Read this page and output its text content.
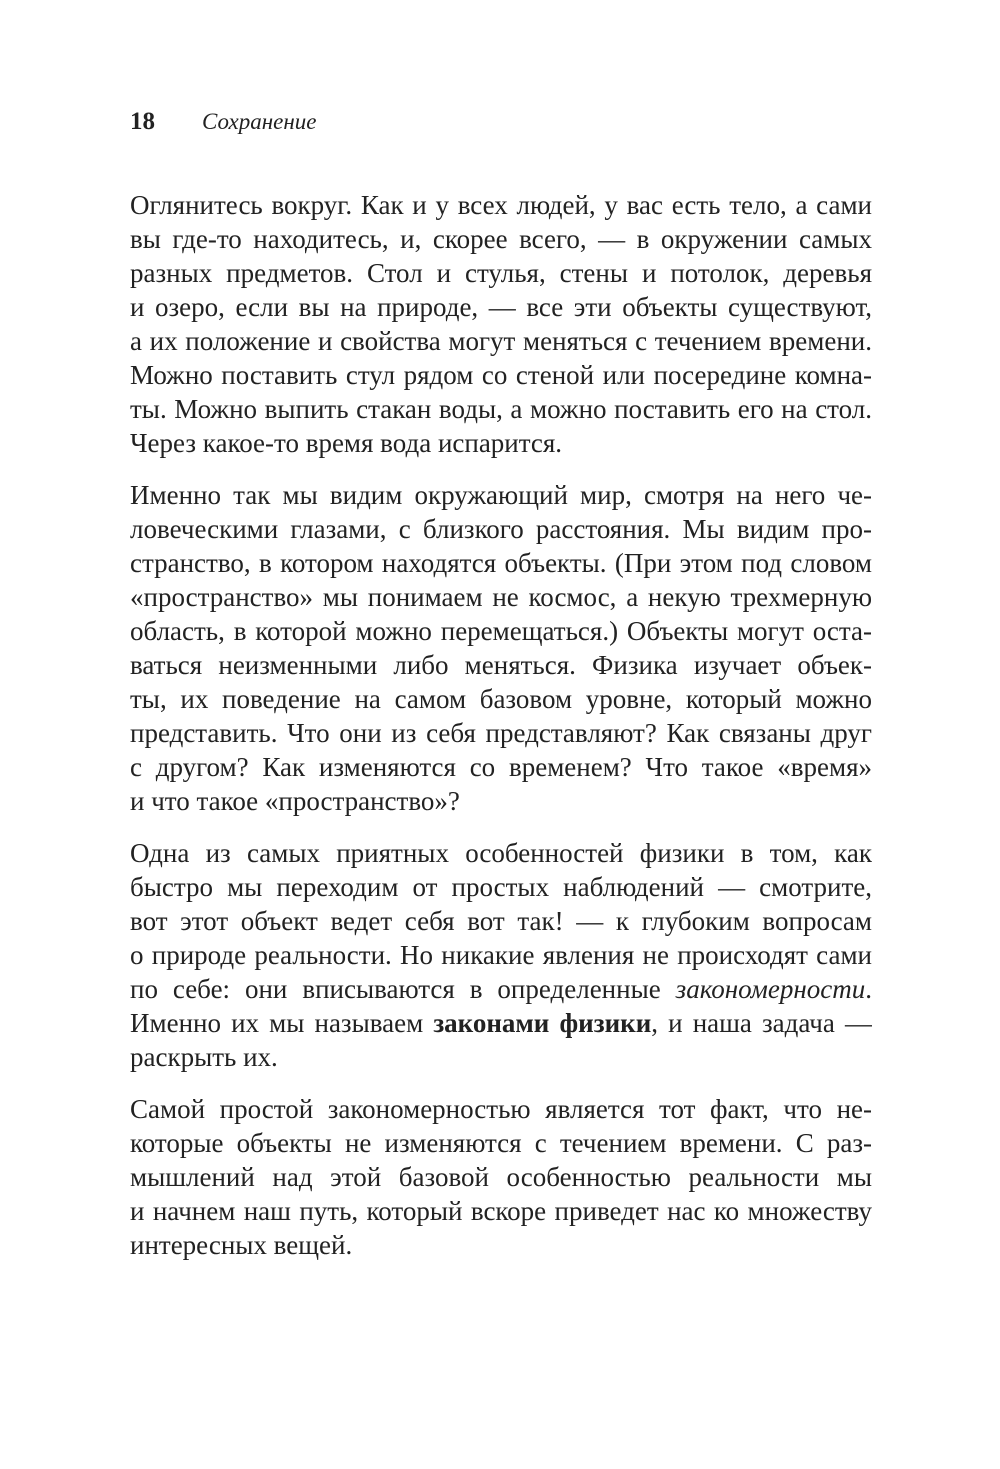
18	Сохранение

Оглянитесь вокруг. Как и у всех людей, у вас есть тело, а сами
вы где-то находитесь, и, скорее всего, — в окружении самых
разных предметов. Стол и стулья, стены и потолок, деревья
и озеро, если вы на природе, — все эти объекты существуют,
а их положение и свойства могут меняться с течением времени.
Можно поставить стул рядом со стеной или посередине комна-
ты. Можно выпить стакан воды, а можно поставить его на стол.
Через какое-то время вода испарится.

Именно так мы видим окружающий мир, смотря на него че-
ловеческими глазами, с близкого расстояния. Мы видим про-
странство, в котором находятся объекты. (При этом под словом
«пространство» мы понимаем не космос, а некую трехмерную
область, в которой можно перемещаться.) Объекты могут оста-
ваться неизменными либо меняться. Физика изучает объек-
ты, их поведение на самом базовом уровне, который можно
представить. Что они из себя представляют? Как связаны друг
с другом? Как изменяются со временем? Что такое «время»
и что такое «пространство»?

Одна из самых приятных особенностей физики в том, как
быстро мы переходим от простых наблюдений — смотрите,
вот этот объект ведет себя вот так! — к глубоким вопросам
о природе реальности. Но никакие явления не происходят сами
по себе: они вписываются в определенные закономерности.
Именно их мы называем законами физики, и наша задача —
раскрыть их.

Самой простой закономерностью является тот факт, что не-
которые объекты не изменяются с течением времени. С раз-
мышлений над этой базовой особенностью реальности мы
и начнем наш путь, который вскоре приведет нас ко множеству
интересных вещей.
